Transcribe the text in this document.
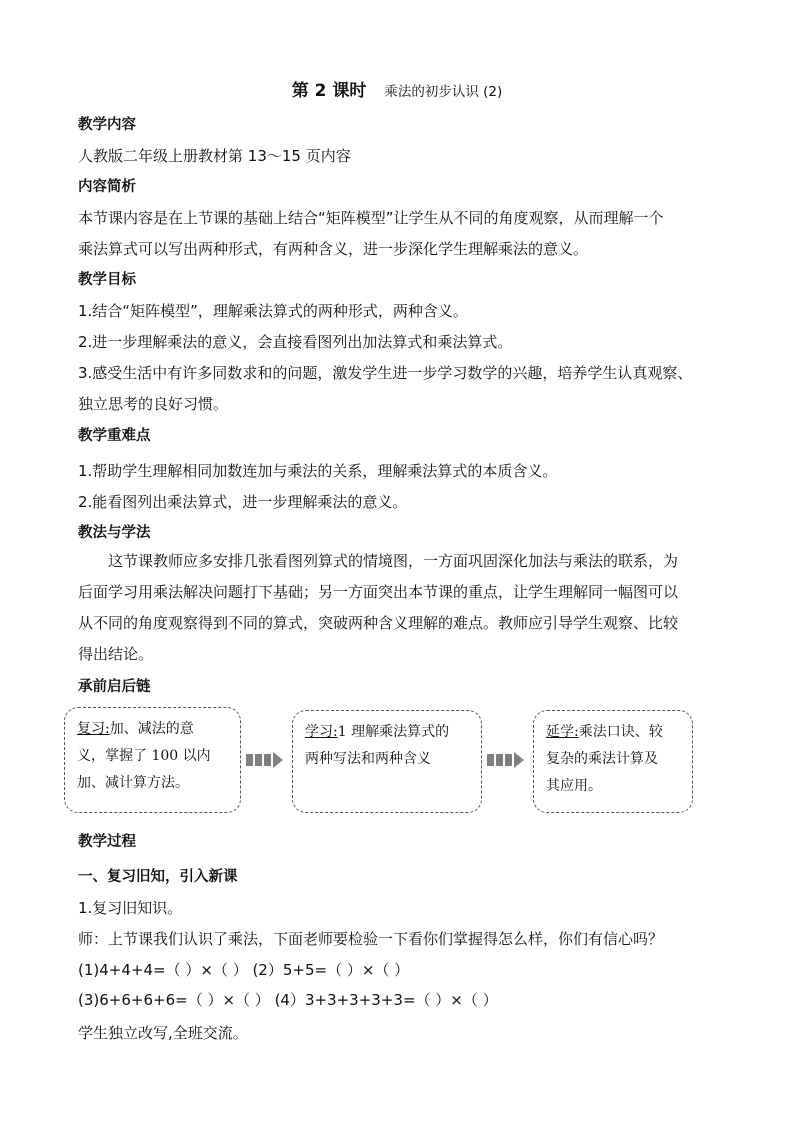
第 2 课时 乘法的初步认识 (2)
教学内容
人教版二年级上册教材第 13～15 页内容
内容简析
本节课内容是在上节课的基础上结合“矩阵模型”让学生从不同的角度观察，从而理解一个
乘法算式可以写出两种形式，有两种含义，进一步深化学生理解乘法的意义。
教学目标
1.结合“矩阵模型”，理解乘法算式的两种形式，两种含义。
2.进一步理解乘法的意义，会直接看图列出加法算式和乘法算式。
3.感受生活中有许多同数求和的问题，激发学生进一步学习数学的兴趣，培养学生认真观察、
独立思考的良好习惯。
教学重难点
1.帮助学生理解相同加数连加与乘法的关系，理解乘法算式的本质含义。
2.能看图列出乘法算式，进一步理解乘法的意义。
教法与学法
这节课教师应多安排几张看图列算式的情境图，一方面巩固深化加法与乘法的联系，为
后面学习用乘法解决问题打下基础；另一方面突出本节课的重点，让学生理解同一幅图可以
从不同的角度观察得到不同的算式，突破两种含义理解的难点。教师应引导学生观察、比较
得出结论。
承前启后链
复习:加、减法的意
义，掌握了 100 以内
加、减计算方法。
学习:1 理解乘法算式的
两种写法和两种含义
延学:乘法口诀、较
复杂的乘法计算及
其应用。
教学过程
一、复习旧知，引入新课
1.复习旧知识。
师：上节课我们认识了乘法，下面老师要检验一下看你们掌握得怎么样，你们有信心吗？
(1)4+4+4=（ ）×（ ） (2）5+5=（ ）×（ ）
(3)6+6+6+6=（ ）×（ ） (4）3+3+3+3+3=（ ）×（ ）
学生独立改写,全班交流。
